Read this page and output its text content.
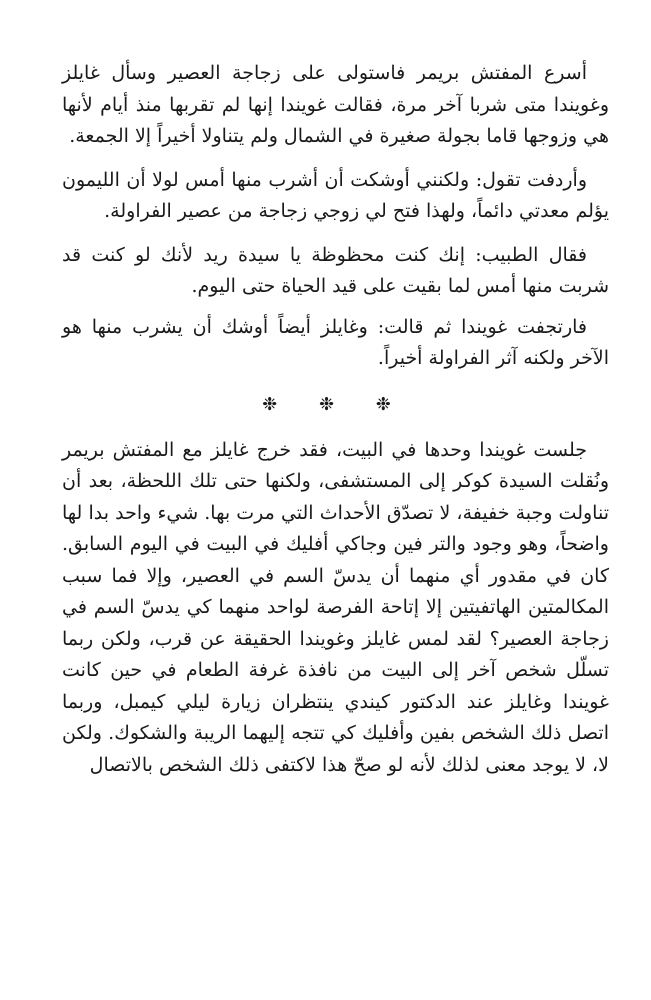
أسرع المفتش بريمر فاستولى على زجاجة العصير وسأل غايلز وغويندا متى شربا آخر مرة، فقالت غويندا إنها لم تقربها منذ أيام لأنها هي وزوجها قاما بجولة صغيرة في الشمال ولم يتناولا أخيراً إلا الجمعة.

وأردفت تقول: ولكنني أوشكت أن أشرب منها أمس لولا أن الليمون يؤلم معدتي دائماً، ولهذا فتح لي زوجي زجاجة من عصير الفراولة.

فقال الطبيب: إنك كنت محظوظة يا سيدة ريد لأنك لو كنت قد شربت منها أمس لما بقيت على قيد الحياة حتى اليوم.

فارتجفت غويندا ثم قالت: وغايلز أيضاً أوشك أن يشرب منها هو الآخر ولكنه آثر الفراولة أخيراً.

❉ ❉ ❉

جلست غويندا وحدها في البيت، فقد خرج غايلز مع المفتش بريمر ونُقلت السيدة كوكر إلى المستشفى، ولكنها حتى تلك اللحظة، بعد أن تناولت وجبة خفيفة، لا تصدّق الأحداث التي مرت بها. شيء واحد بدا لها واضحاً، وهو وجود والتر فين وجاكي أفليك في البيت في اليوم السابق. كان في مقدور أي منهما أن يدسّ السم في العصير، وإلا فما سبب المكالمتين الهاتفيتين إلا إتاحة الفرصة لواحد منهما كي يدسّ السم في زجاجة العصير؟ لقد لمس غايلز وغويندا الحقيقة عن قرب، ولكن ربما تسلّل شخص آخر إلى البيت من نافذة غرفة الطعام في حين كانت غويندا وغايلز عند الدكتور كيندي ينتظران زيارة ليلي كيمبل، وربما اتصل ذلك الشخص بفين وأفليك كي تتجه إليهما الريبة والشكوك. ولكن لا، لا يوجد معنى لذلك لأنه لو صحّ هذا لاكتفى ذلك الشخص بالاتصال
